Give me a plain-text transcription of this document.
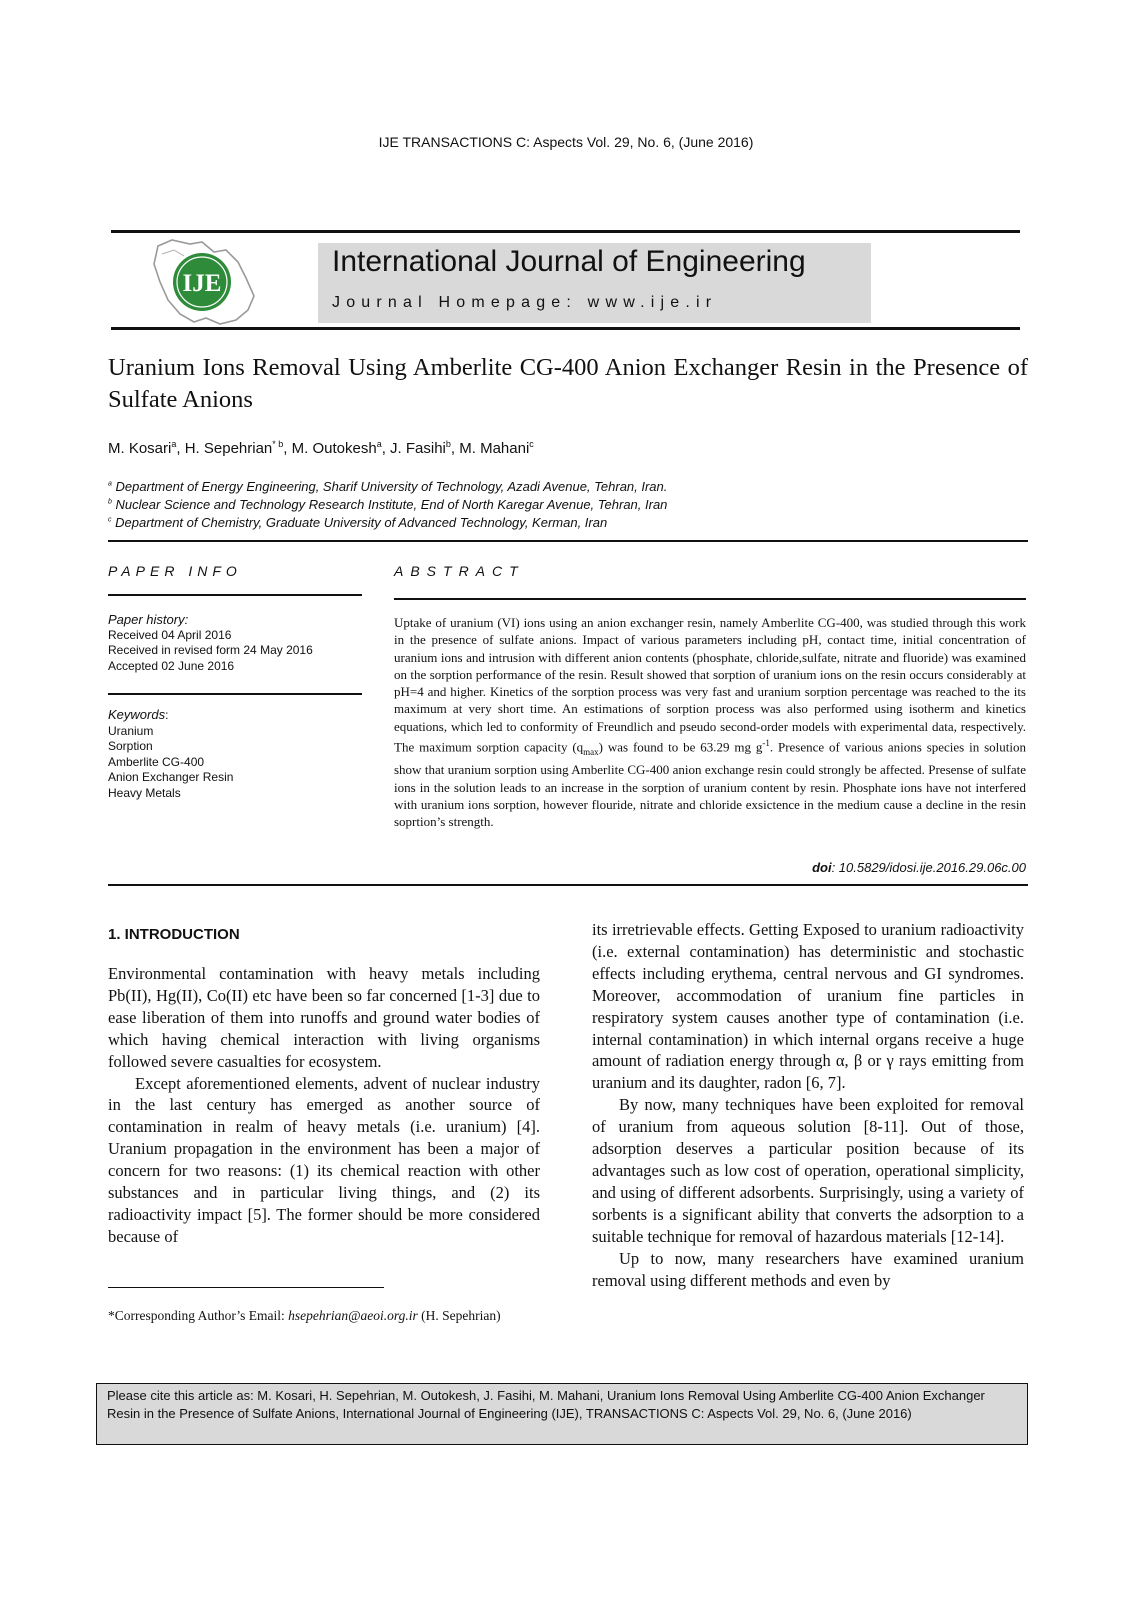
IJE TRANSACTIONS C: Aspects Vol. 29, No. 6, (June 2016)
IJE
International Journal of Engineering
Journal Homepage: www.ije.ir
Uranium Ions Removal Using Amberlite CG-400 Anion Exchanger Resin in the Presence of Sulfate Anions
M. Kosari$^a$, H. Sepehrian$^{* b}$, M. Outokesh$^a$, J. Fasihi$^b$, M. Mahani$^c$
$^a$ Department of Energy Engineering, Sharif University of Technology, Azadi Avenue, Tehran, Iran.
$^b$ Nuclear Science and Technology Research Institute, End of North Karegar Avenue, Tehran, Iran
$^c$ Department of Chemistry, Graduate University of Advanced Technology, Kerman, Iran
PAPER INFO	ABSTRACT
Paper history:
Received 04 April 2016
Received in revised form 24 May 2016
Accepted 02 June 2016
Keywords:
Uranium
Sorption
Amberlite CG-400
Anion Exchanger Resin
Heavy Metals
Uptake of uranium (VI) ions using an anion exchanger resin, namely Amberlite CG-400, was studied through this work in the presence of sulfate anions. Impact of various parameters including pH, contact time, initial concentration of uranium ions and intrusion with different anion contents (phosphate, chloride,sulfate, nitrate and fluoride) was examined on the sorption performance of the resin. Result showed that sorption of uranium ions on the resin occurs considerably at pH=4 and higher. Kinetics of the sorption process was very fast and uranium sorption percentage was reached to the its maximum at very short time. An estimations of sorption process was also performed using isotherm and kinetics equations, which led to conformity of Freundlich and pseudo second-order models with experimental data, respectively. The maximum sorption capacity $(q_{max})$ was found to be 63.29 mg $g^{-1}$. Presence of various anions species in solution show that uranium sorption using Amberlite CG-400 anion exchange resin could strongly be affected. Presense of sulfate ions in the solution leads to an increase in the sorption of uranium content by resin. Phosphate ions have not interfered with uranium ions sorption, however flouride, nitrate and chloride exsictence in the medium cause a decline in the resin soprtion’s strength.
doi: 10.5829/idosi.ije.2016.29.06c.00
1. INTRODUCTION

Environmental contamination with heavy metals including Pb(II), Hg(II), Co(II) etc have been so far concerned [1-3] due to ease liberation of them into runoffs and ground water bodies of which having chemical interaction with living organisms followed severe casualties for ecosystem.

Except aforementioned elements, advent of nuclear industry in the last century has emerged as another source of contamination in realm of heavy metals (i.e. uranium) [4]. Uranium propagation in the environment has been a major of concern for two reasons: (1) its chemical reaction with other substances and in particular living things, and (2) its radioactivity impact [5]. The former should be more considered because of

its irretrievable effects. Getting Exposed to uranium radioactivity (i.e. external contamination) has deterministic and stochastic effects including erythema, central nervous and GI syndromes. Moreover, accommodation of uranium fine particles in respiratory system causes another type of contamination (i.e. internal contamination) in which internal organs receive a huge amount of radiation energy through α, β or γ rays emitting from uranium and its daughter, radon [6, 7].

By now, many techniques have been exploited for removal of uranium from aqueous solution [8-11]. Out of those, adsorption deserves a particular position because of its advantages such as low cost of operation, operational simplicity, and using of different adsorbents. Surprisingly, using a variety of sorbents is a significant ability that converts the adsorption to a suitable technique for removal of hazardous materials [12-14].

Up to now, many researchers have examined uranium removal using different methods and even by

*Corresponding Author’s Email: hsepehrian@aeoi.org.ir (H. Sepehrian)
Please cite this article as: M. Kosari, H. Sepehrian, M. Outokesh, J. Fasihi, M. Mahani, Uranium Ions Removal Using Amberlite CG-400 Anion Exchanger Resin in the Presence of Sulfate Anions, International Journal of Engineering (IJE), TRANSACTIONS C: Aspects Vol. 29, No. 6, (June 2016)
